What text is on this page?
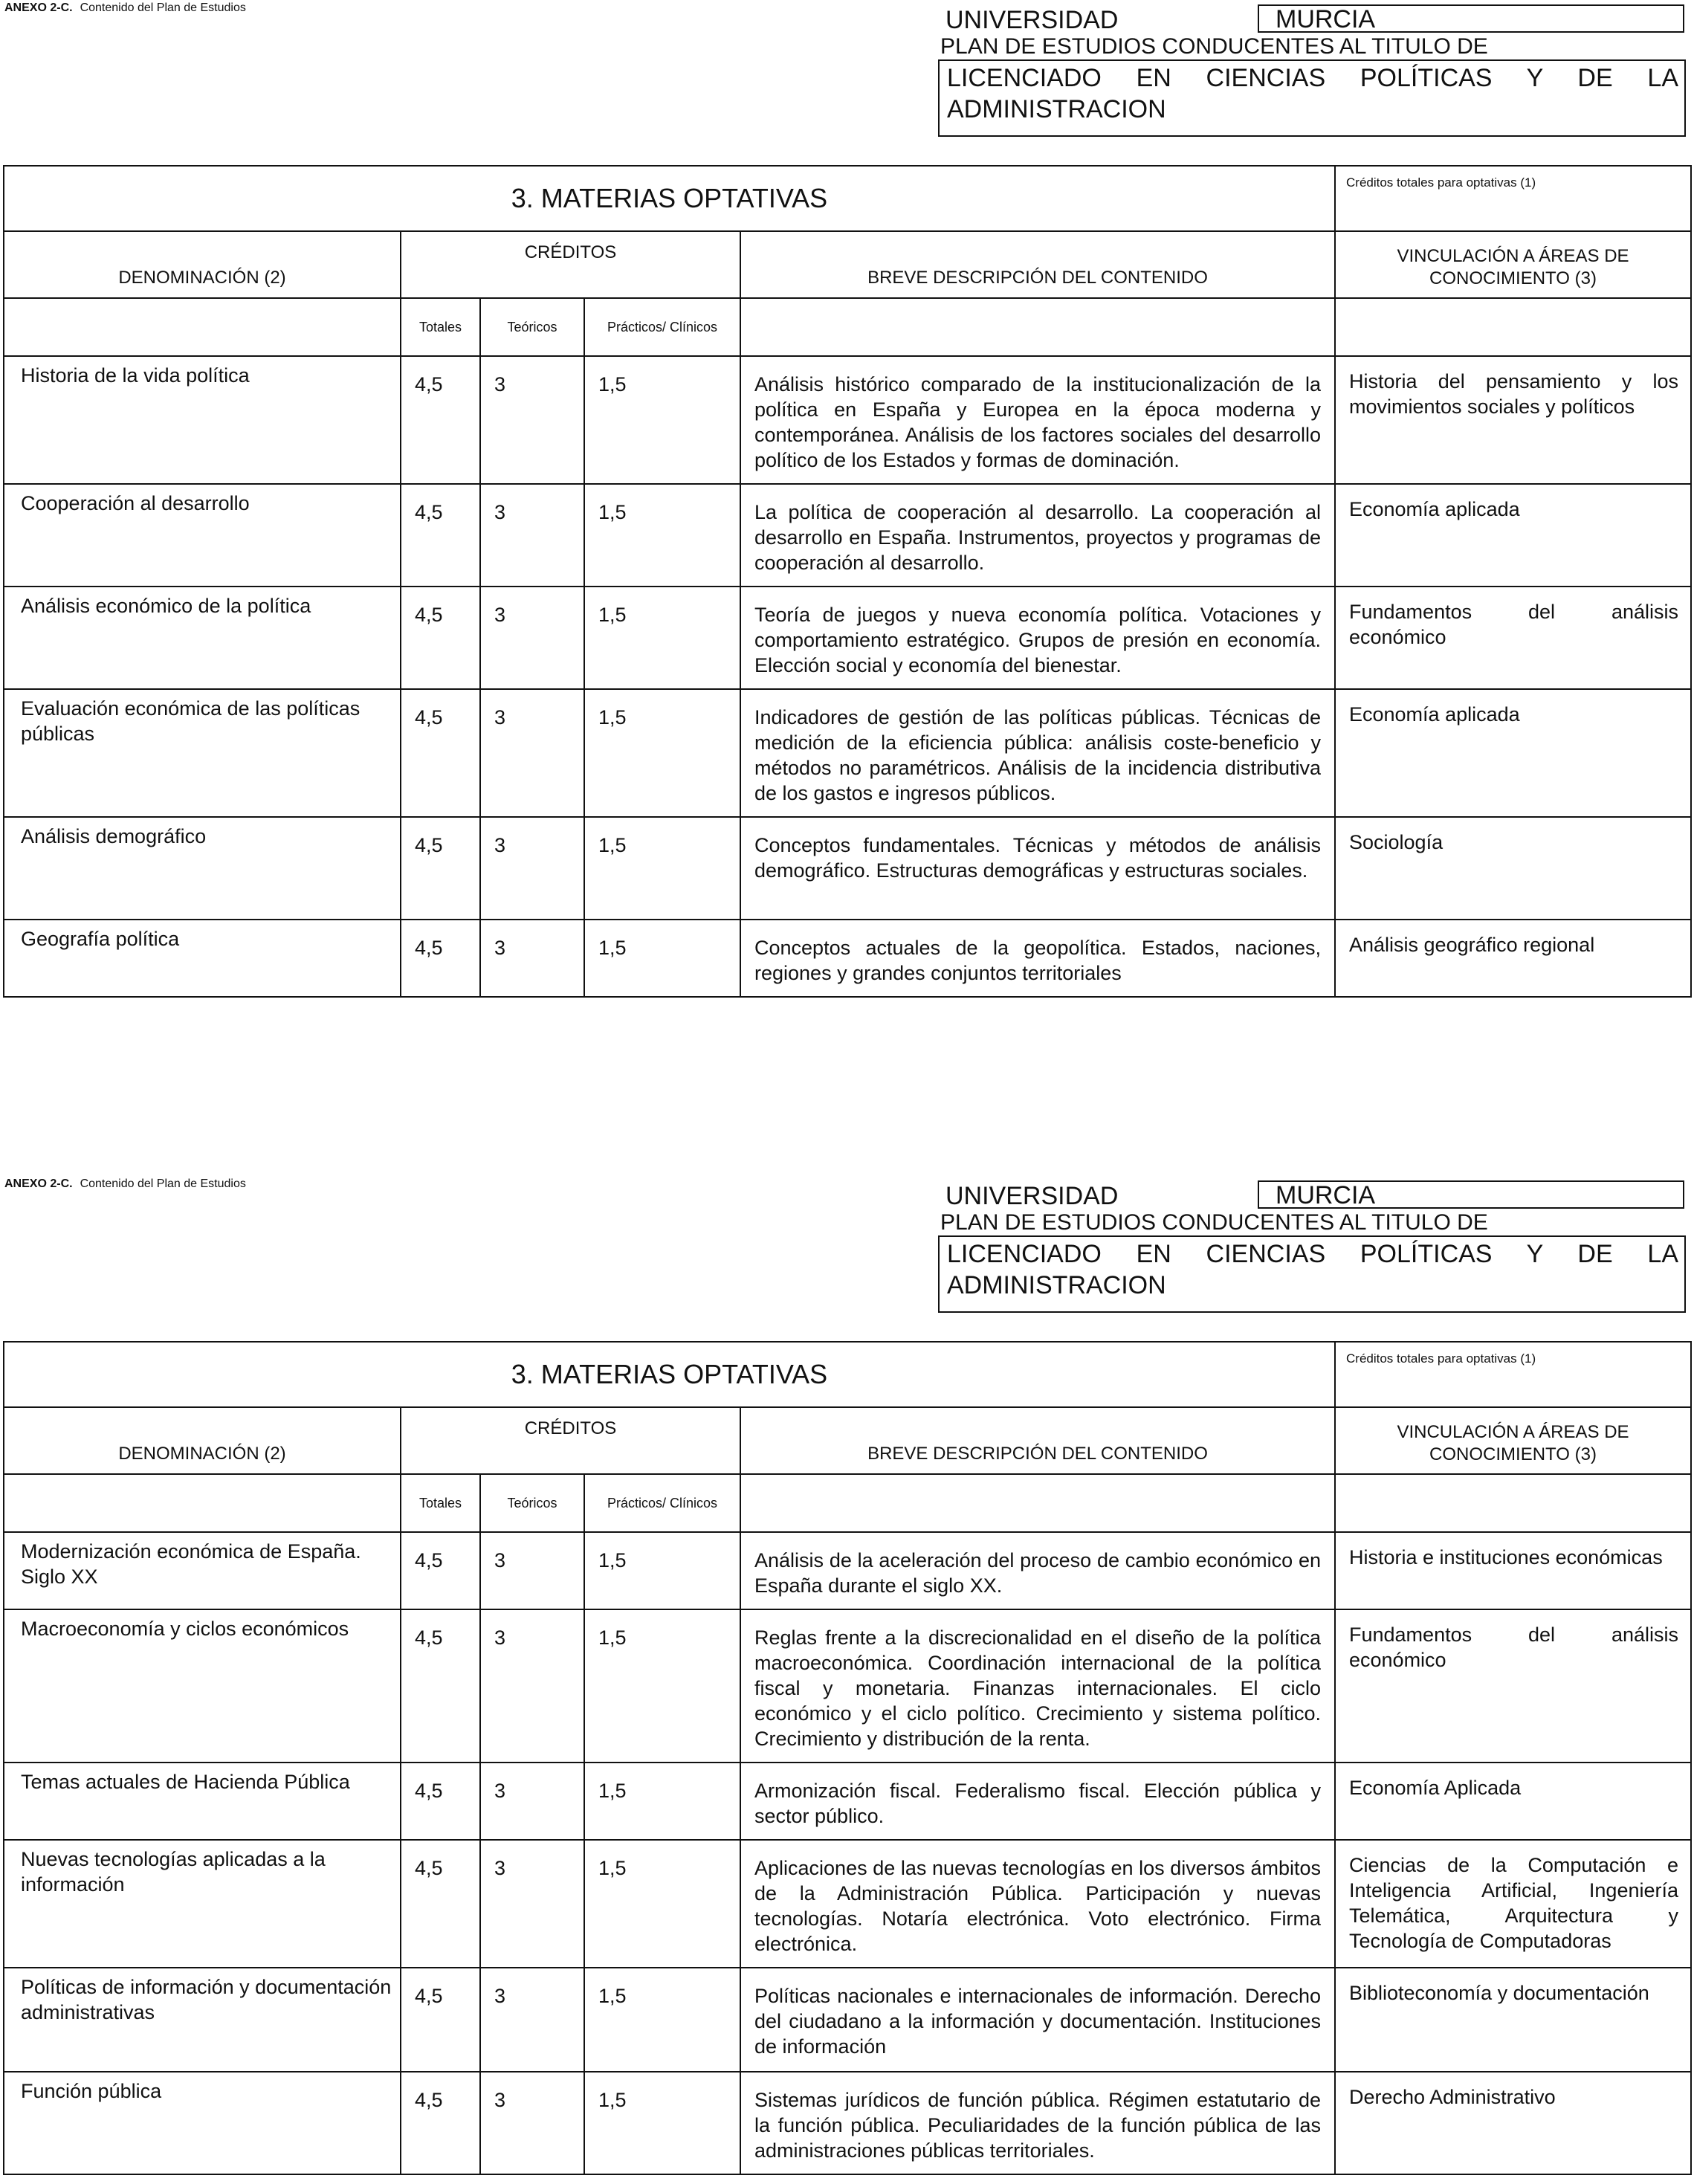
ANEXO 2-C. Contenido del Plan de Estudios	UNIVERSIDAD	MURCIA
PLAN DE ESTUDIOS CONDUCENTES AL TITULO DE
LICENCIADO EN CIENCIAS POLÍTICAS Y DE LA ADMINISTRACION
3. MATERIAS OPTATIVAS					Créditos totales para optativas (1)
DENOMINACIÓN (2)	CRÉDITOS			BREVE DESCRIPCIÓN DEL CONTENIDO	VINCULACIÓN A ÁREAS DE CONOCIMIENTO (3)
	Totales	Teóricos	Prácticos/ Clínicos		
Historia de la vida política	4,5	3	1,5	Análisis histórico comparado de la institucionalización de la política en España y Europea en la época moderna y contemporánea. Análisis de los factores sociales del desarrollo político de los Estados y formas de dominación.	Historia del pensamiento y los movimientos sociales y políticos
Cooperación al desarrollo	4,5	3	1,5	La política de cooperación al desarrollo. La cooperación al desarrollo en España. Instrumentos, proyectos y programas de cooperación al desarrollo.	Economía aplicada
Análisis económico de la política	4,5	3	1,5	Teoría de juegos y nueva economía política. Votaciones y comportamiento estratégico. Grupos de presión en economía. Elección social y economía del bienestar.	Fundamentos del análisis económico
Evaluación económica de las políticas públicas	4,5	3	1,5	Indicadores de gestión de las políticas públicas. Técnicas de medición de la eficiencia pública: análisis coste-beneficio y métodos no paramétricos. Análisis de la incidencia distributiva de los gastos e ingresos públicos.	Economía aplicada
Análisis demográfico	4,5	3	1,5	Conceptos fundamentales. Técnicas y métodos de análisis demográfico. Estructuras demográficas y estructuras sociales.	Sociología
Geografía política	4,5	3	1,5	Conceptos actuales de la geopolítica. Estados, naciones, regiones y grandes conjuntos territoriales	Análisis geográfico regional
ANEXO 2-C. Contenido del Plan de Estudios	UNIVERSIDAD	MURCIA
PLAN DE ESTUDIOS CONDUCENTES AL TITULO DE
LICENCIADO EN CIENCIAS POLÍTICAS Y DE LA ADMINISTRACION
3. MATERIAS OPTATIVAS					Créditos totales para optativas (1)
DENOMINACIÓN (2)	CRÉDITOS			BREVE DESCRIPCIÓN DEL CONTENIDO	VINCULACIÓN A ÁREAS DE CONOCIMIENTO (3)
	Totales	Teóricos	Prácticos/ Clínicos		
Modernización económica de España. Siglo XX	4,5	3	1,5	Análisis de la aceleración del proceso de cambio económico en España durante el siglo XX.	Historia e instituciones económicas
Macroeconomía y ciclos económicos	4,5	3	1,5	Reglas frente a la discrecionalidad en el diseño de la política macroeconómica. Coordinación internacional de la política fiscal y monetaria. Finanzas internacionales. El ciclo económico y el ciclo político. Crecimiento y sistema político. Crecimiento y distribución de la renta.	Fundamentos del análisis económico
Temas actuales de Hacienda Pública	4,5	3	1,5	Armonización fiscal. Federalismo fiscal. Elección pública y sector público.	Economía Aplicada
Nuevas tecnologías aplicadas a la información	4,5	3	1,5	Aplicaciones de las nuevas tecnologías en los diversos ámbitos de la Administración Pública. Participación y nuevas tecnologías. Notaría electrónica. Voto electrónico. Firma electrónica.	Ciencias de la Computación e Inteligencia Artificial, Ingeniería Telemática, Arquitectura y Tecnología de Computadoras
Políticas de información y documentación administrativas	4,5	3	1,5	Políticas nacionales e internacionales de información. Derecho del ciudadano a la información y documentación. Instituciones de información	Biblioteconomía y documentación
Función pública	4,5	3	1,5	Sistemas jurídicos de función pública. Régimen estatutario de la función pública. Peculiaridades de la función pública de las administraciones públicas territoriales.	Derecho Administrativo
